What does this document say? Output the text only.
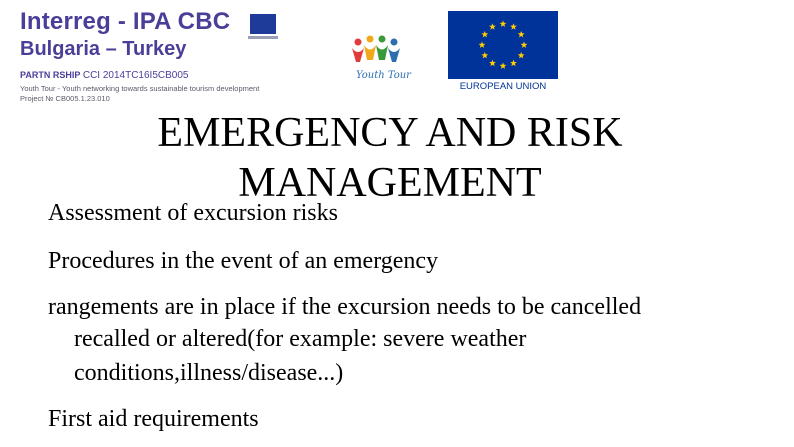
Interreg - IPA CBC
Bulgaria – Turkey
PARTN RSHIP CCI 2014TC16I5CB005
Youth Tour - Youth networking towards sustainable tourism development
Project № CB005.1.23.010
Youth Tour
EUROPEAN UNION
EMERGENCY AND RISK MANAGEMENT
Assessment of excursion risks
Procedures in the event of an emergency
rangements are in place if the excursion needs to be cancelled
recalled or altered(for example: severe weather
conditions,illness/disease...)
First aid requirements
